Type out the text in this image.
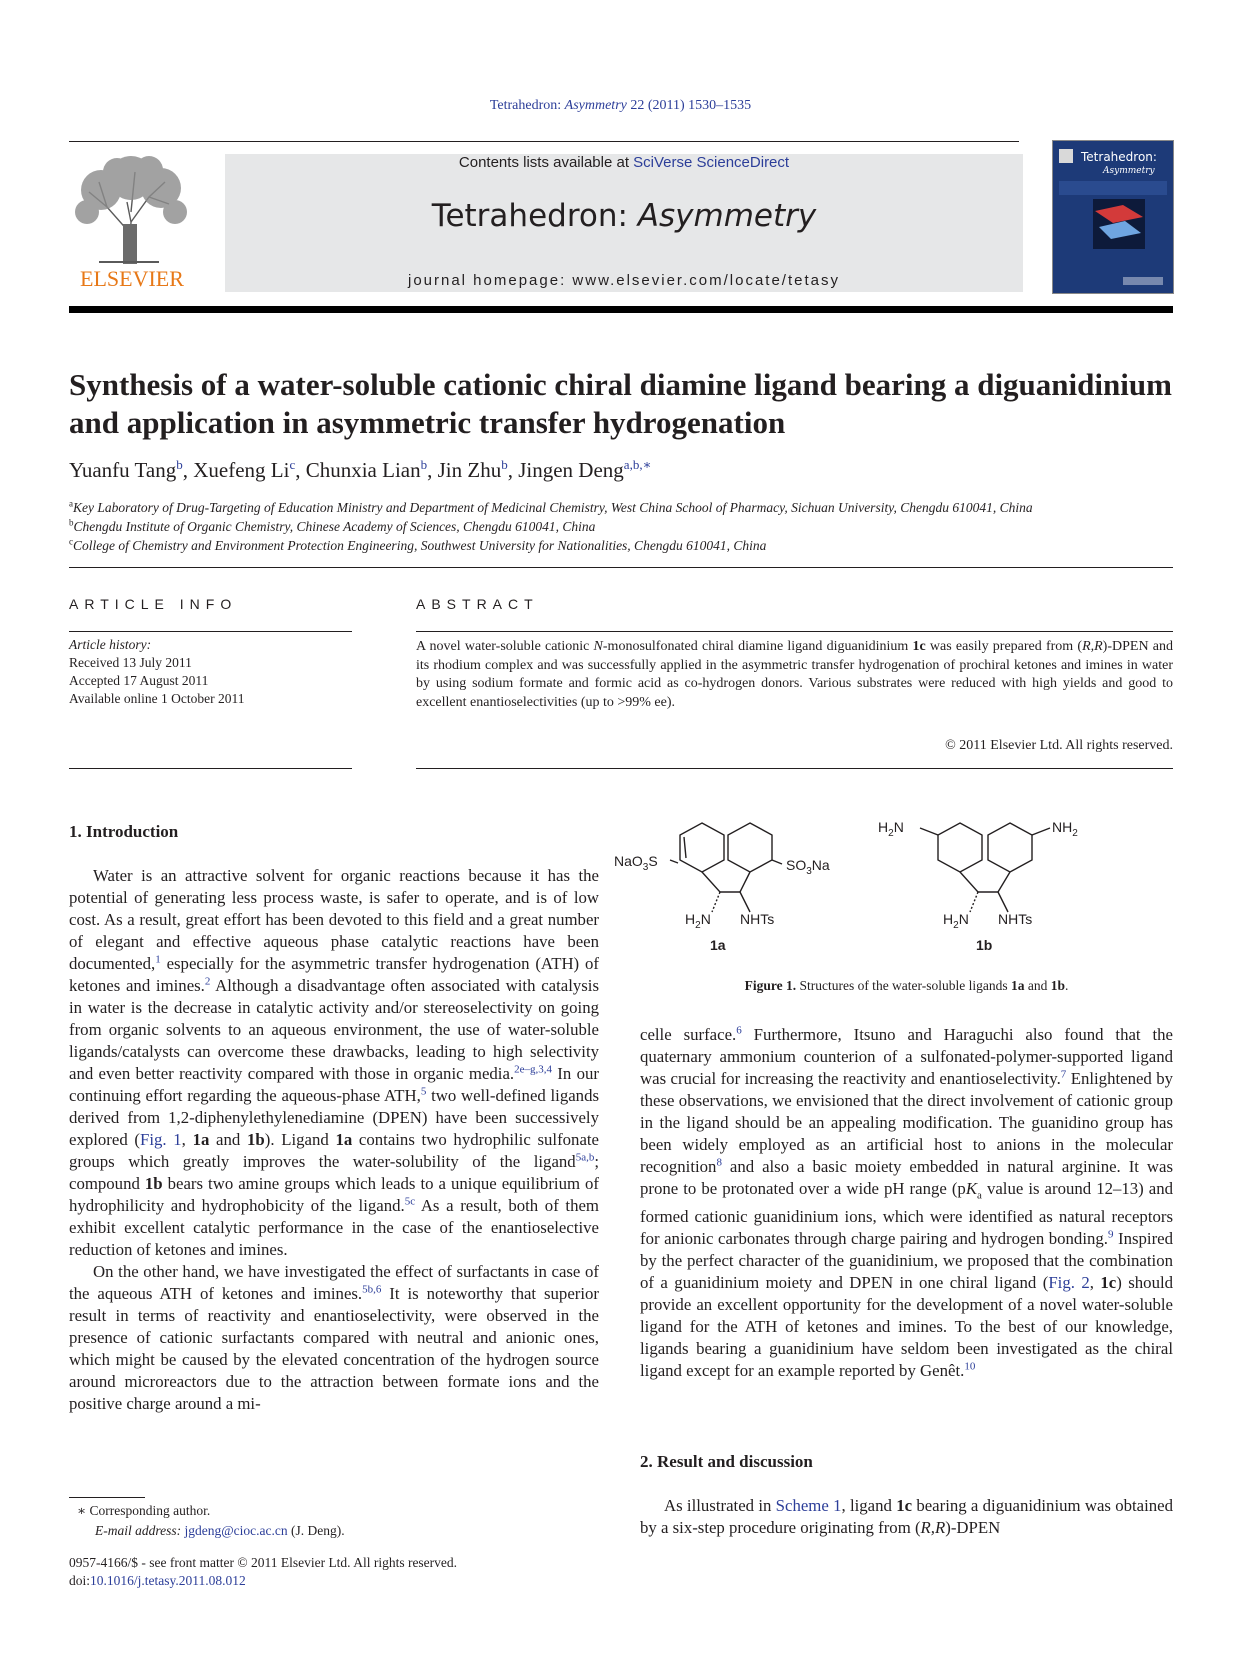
Tetrahedron: Asymmetry 22 (2011) 1530–1535
ELSEVIER
Contents lists available at SciVerse ScienceDirect
Tetrahedron: Asymmetry
journal homepage: www.elsevier.com/locate/tetasy
Tetrahedron:
Asymmetry
Synthesis of a water-soluble cationic chiral diamine ligand bearing a diguanidinium and application in asymmetric transfer hydrogenation
Yuanfu Tang$^b$, Xuefeng Li$^c$, Chunxia Lian$^b$, Jin Zhu$^b$, Jingen Deng$^{a,b,∗}$
$^a$Key Laboratory of Drug-Targeting of Education Ministry and Department of Medicinal Chemistry, West China School of Pharmacy, Sichuan University, Chengdu 610041, China
$^b$Chengdu Institute of Organic Chemistry, Chinese Academy of Sciences, Chengdu 610041, China
$^c$College of Chemistry and Environment Protection Engineering, Southwest University for Nationalities, Chengdu 610041, China
ARTICLE INFO
Article history:
Received 13 July 2011
Accepted 17 August 2011
Available online 1 October 2011
ABSTRACT
A novel water-soluble cationic N-monosulfonated chiral diamine ligand diguanidinium 1c was easily prepared from (R,R)-DPEN and its rhodium complex and was successfully applied in the asymmetric transfer hydrogenation of prochiral ketones and imines in water by using sodium formate and formic acid as co-hydrogen donors. Various substrates were reduced with high yields and good to excellent enantioselectivities (up to >99% ee).
© 2011 Elsevier Ltd. All rights reserved.
1. Introduction

Water is an attractive solvent for organic reactions because it has the potential of generating less process waste, is safer to operate, and is of low cost. As a result, great effort has been devoted to this field and a great number of elegant and effective aqueous phase catalytic reactions have been documented,$^1$ especially for the asymmetric transfer hydrogenation (ATH) of ketones and imines.$^2$ Although a disadvantage often associated with catalysis in water is the decrease in catalytic activity and/or stereoselectivity on going from organic solvents to an aqueous environment, the use of water-soluble ligands/catalysts can overcome these drawbacks, leading to high selectivity and even better reactivity compared with those in organic media.$^{2e-g,3,4}$ In our continuing effort regarding the aqueous-phase ATH,$^5$ two well-defined ligands derived from 1,2-diphenylethylenediamine (DPEN) have been successively explored (Fig. 1, 1a and 1b). Ligand 1a contains two hydrophilic sulfonate groups which greatly improves the water-solubility of the ligand$^{5a,b}$; compound 1b bears two amine groups which leads to a unique equilibrium of hydrophilicity and hydrophobicity of the ligand.$^{5c}$ As a result, both of them exhibit excellent catalytic performance in the case of the enantioselective reduction of ketones and imines.

On the other hand, we have investigated the effect of surfactants in case of the aqueous ATH of ketones and imines.$^{5b,6}$ It is noteworthy that superior result in terms of reactivity and enantioselectivity, were observed in the presence of cationic surfactants compared with neutral and anionic ones, which might be caused by the elevated concentration of the hydrogen source around microreactors due to the attraction between formate ions and the positive charge around a mi-

NaO$_3$S	$SO_3Na$
$H_2N$ NHTs
1a
$H_2N$	$NH_2$
$H_2N$ NHTs
1b
Figure 1. Structures of the water-soluble ligands 1a and 1b.

celle surface.$^6$ Furthermore, Itsuno and Haraguchi also found that the quaternary ammonium counterion of a sulfonated-polymer-supported ligand was crucial for increasing the reactivity and enantioselectivity.$^7$ Enlightened by these observations, we envisioned that the direct involvement of cationic group in the ligand should be an appealing modification. The guanidino group has been widely employed as an artificial host to anions in the molecular recognition$^8$ and also a basic moiety embedded in natural arginine. It was prone to be protonated over a wide pH range ($pK_a$ value is around 12–13) and formed cationic guanidinium ions, which were identified as natural receptors for anionic carbonates through charge pairing and hydrogen bonding.$^9$ Inspired by the perfect character of the guanidinium, we proposed that the combination of a guanidinium moiety and DPEN in one chiral ligand (Fig. 2, 1c) should provide an excellent opportunity for the development of a novel water-soluble ligand for the ATH of ketones and imines. To the best of our knowledge, ligands bearing a guanidinium have seldom been investigated as the chiral ligand except for an example reported by Genêt.$^{10}$

2. Result and discussion

As illustrated in Scheme 1, ligand 1c bearing a diguanidinium was obtained by a six-step procedure originating from (R,R)-DPEN

∗ Corresponding author.
E-mail address: jgdeng@cioc.ac.cn (J. Deng).
0957-4166/$ - see front matter © 2011 Elsevier Ltd. All rights reserved.
doi:10.1016/j.tetasy.2011.08.012
